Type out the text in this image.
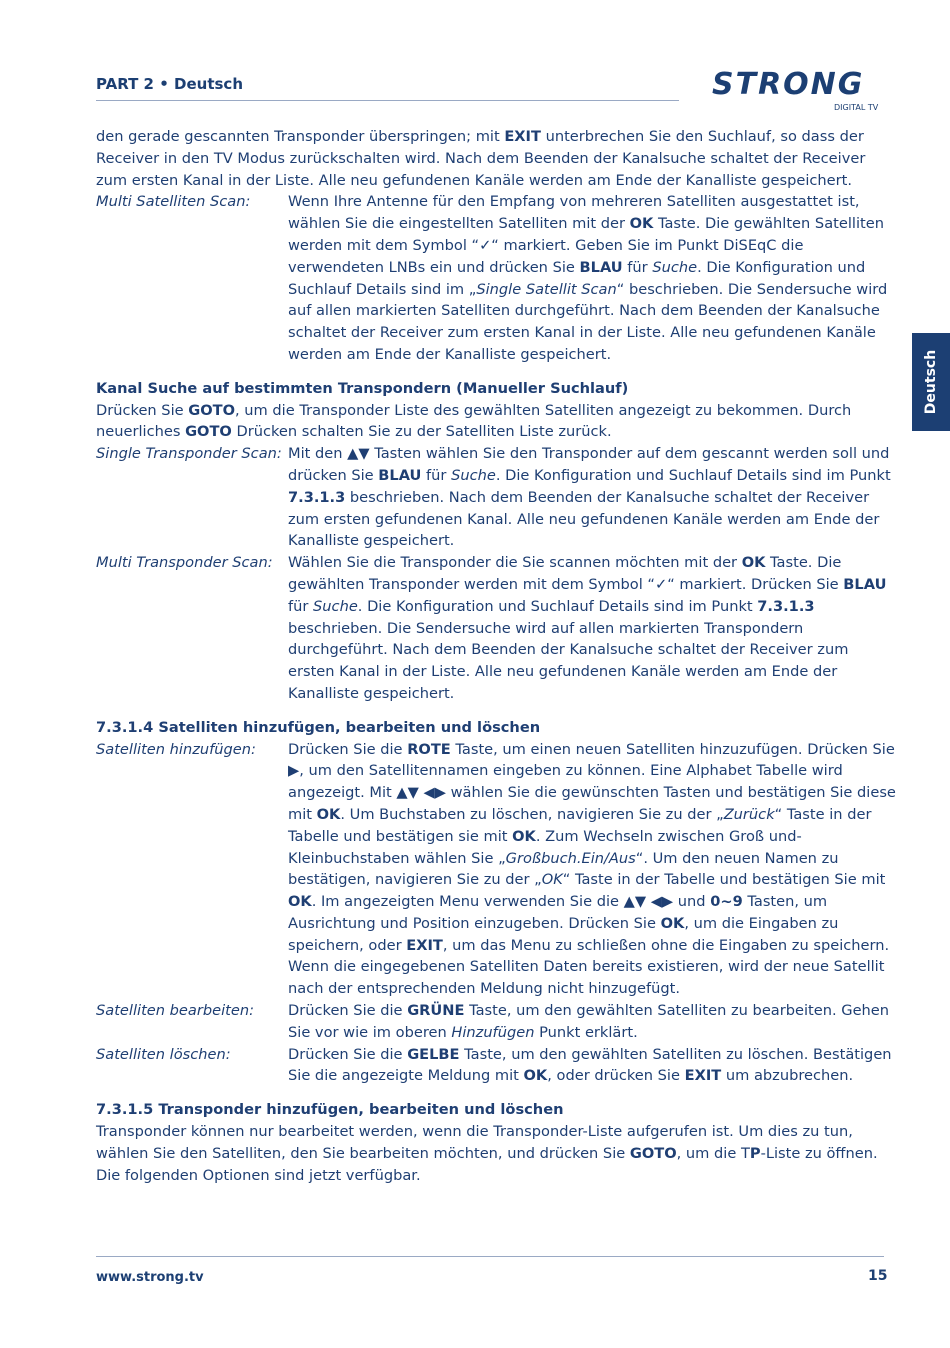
PART 2 • Deutsch	STRONG
DIGITAL TV
Deutsch

den gerade gescannten Transponder überspringen; mit EXIT unterbrechen Sie den Suchlauf, so dass der Receiver in den TV Modus zurückschalten wird. Nach dem Beenden der Kanalsuche schaltet der Receiver zum ersten Kanal in der Liste. Alle neu gefundenen Kanäle werden am Ende der Kanalliste gespeichert.

Multi Satelliten Scan:	Wenn Ihre Antenne für den Empfang von mehreren Satelliten ausgestattet ist, wählen Sie die eingestellten Satelliten mit der OK Taste. Die gewählten Satelliten werden mit dem Symbol “✓“ markiert. Geben Sie im Punkt DiSEqC die verwendeten LNBs ein und drücken Sie BLAU für Suche. Die Konfiguration und Suchlauf Details sind im „Single Satellit Scan“ beschrieben. Die Sendersuche wird auf allen markierten Satelliten durchgeführt. Nach dem Beenden der Kanalsuche schaltet der Receiver zum ersten Kanal in der Liste. Alle neu gefundenen Kanäle werden am Ende der Kanalliste gespeichert.

Kanal Suche auf bestimmten Transpondern (Manueller Suchlauf)

Drücken Sie GOTO, um die Transponder Liste des gewählten Satelliten angezeigt zu bekommen. Durch neuerliches GOTO Drücken schalten Sie zu der Satelliten Liste zurück.

Single Transponder Scan: Mit den ▲▼ Tasten wählen Sie den Transponder auf dem gescannt werden soll und drücken Sie BLAU für Suche. Die Konfiguration und Suchlauf Details sind im Punkt 7.3.1.3 beschrieben. Nach dem Beenden der Kanalsuche schaltet der Receiver zum ersten gefundenen Kanal. Alle neu gefundenen Kanäle werden am Ende der Kanalliste gespeichert.
Multi Transponder Scan:	Wählen Sie die Transponder die Sie scannen möchten mit der OK Taste. Die gewählten Transponder werden mit dem Symbol “✓“ markiert. Drücken Sie BLAU für Suche. Die Konfiguration und Suchlauf Details sind im Punkt 7.3.1.3 beschrieben. Die Sendersuche wird auf allen markierten Transpondern durchgeführt. Nach dem Beenden der Kanalsuche schaltet der Receiver zum ersten Kanal in der Liste. Alle neu gefundenen Kanäle werden am Ende der Kanalliste gespeichert.

7.3.1.4 Satelliten hinzufügen, bearbeiten und löschen

Satelliten hinzufügen:	Drücken Sie die ROTE Taste, um einen neuen Satelliten hinzuzufügen. Drücken Sie ▶, um den Satellitennamen eingeben zu können. Eine Alphabet Tabelle wird angezeigt. Mit ▲▼ ◀▶ wählen Sie die gewünschten Tasten und bestätigen Sie diese mit OK. Um Buchstaben zu löschen, navigieren Sie zu der „Zurück“ Taste in der Tabelle und bestätigen sie mit OK. Zum Wechseln zwischen Groß und- Kleinbuchstaben wählen Sie „Großbuch.Ein/Aus“. Um den neuen Namen zu bestätigen, navigieren Sie zu der „OK“ Taste in der Tabelle und bestätigen Sie mit OK. Im angezeigten Menu verwenden Sie die ▲▼ ◀▶ und 0~9 Tasten, um Ausrichtung und Position einzugeben. Drücken Sie OK, um die Eingaben zu speichern, oder EXIT, um das Menu zu schließen ohne die Eingaben zu speichern. Wenn die eingegebenen Satelliten Daten bereits existieren, wird der neue Satellit nach der entsprechenden Meldung nicht hinzugefügt.
Satelliten bearbeiten:	Drücken Sie die GRÜNE Taste, um den gewählten Satelliten zu bearbeiten. Gehen Sie vor wie im oberen Hinzufügen Punkt erklärt.
Satelliten löschen:	Drücken Sie die GELBE Taste, um den gewählten Satelliten zu löschen. Bestätigen Sie die angezeigte Meldung mit OK, oder drücken Sie EXIT um abzubrechen.

7.3.1.5 Transponder hinzufügen, bearbeiten und löschen

Transponder können nur bearbeitet werden, wenn die Transponder-Liste aufgerufen ist. Um dies zu tun, wählen Sie den Satelliten, den Sie bearbeiten möchten, und drücken Sie GOTO, um die TP-Liste zu öffnen. Die folgenden Optionen sind jetzt verfügbar.

www.strong.tv	15
